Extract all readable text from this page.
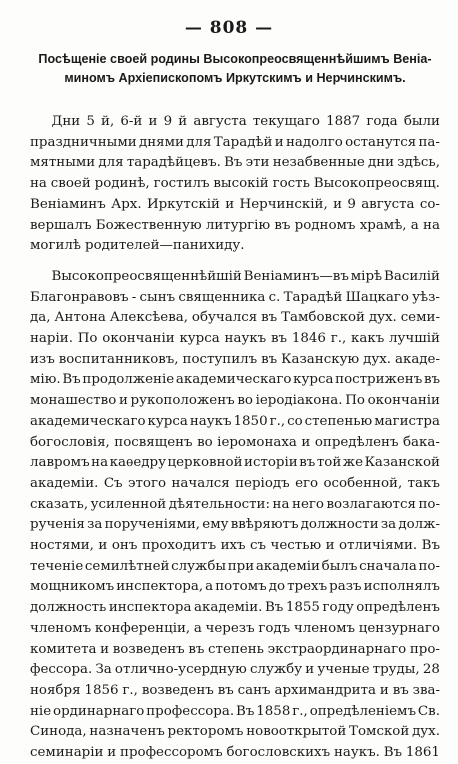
— 808 —
Посѣщеніе своей родины Высокопреосвященнѣйшимъ Веніа-
миномъ Архіепископомъ Иркутскимъ и Нерчинскимъ.
Дни 5 й, 6-й и 9 й августа текущаго 1887 года были
праздничными днями для Тарадѣй и надолго останутся па-
мятными для тарадѣйцевъ. Въ эти незабвенные дни здѣсь,
на своей родинѣ, гостилъ высокій гость Высокопреосвящ.
Веніаминъ Арх. Иркутскій и Нерчинскій, и 9 августа со-
вершалъ Божественную литургію въ родномъ храмѣ, а на
могилѣ родителей—панихиду.
Высокопреосвященнѣйшій Веніаминъ—въ мірѣ Василій
Благонравовъ - сынъ священника с. Тарадѣй Шацкаго уѣз-
да, Антона Алексѣева, обучался въ Тамбовской дух. семи-
наріи. По окончаніи курса наукъ въ 1846 г., какъ лучшій
изъ воспитанниковъ, поступилъ въ Казанскую дух. акаде-
мію. Въ продолженіе академическаго курса постриженъ въ
монашество и рукоположенъ во іеродіакона. По окончаніи
академическаго курса наукъ 1850 г., со степенью магистра
богословія, посвященъ во іеромонаха и опредѣленъ бака-
лавромъ на каѳедру церковной исторіи въ той же Казанской
академіи. Съ этого начался періодъ его особенной, такъ
сказать, усиленной дѣятельности: на него возлагаются по-
рученія за порученіями, ему ввѣряютъ должности за долж-
ностями, и онъ проходитъ ихъ съ честью и отличіями. Въ
теченіе семилѣтней службы при академіи былъ сначала по-
мощникомъ инспектора, а потомъ до трехъ разъ исполнялъ
должность инспектора академіи. Въ 1855 году опредѣленъ
членомъ конференціи, а черезъ годъ членомъ цензурнаго
комитета и возведенъ въ степень экстраординарнаго про-
фессора. За отлично-усердную службу и ученые труды, 28
ноября 1856 г., возведенъ въ санъ архимандрита и въ зва-
ніе ординарнаго профессора. Въ 1858 г., опредѣленіемъ Св.
Синода, назначенъ ректоромъ новооткрытой Томской дух.
семинаріи и профессоромъ богословскихъ наукъ. Въ 1861
